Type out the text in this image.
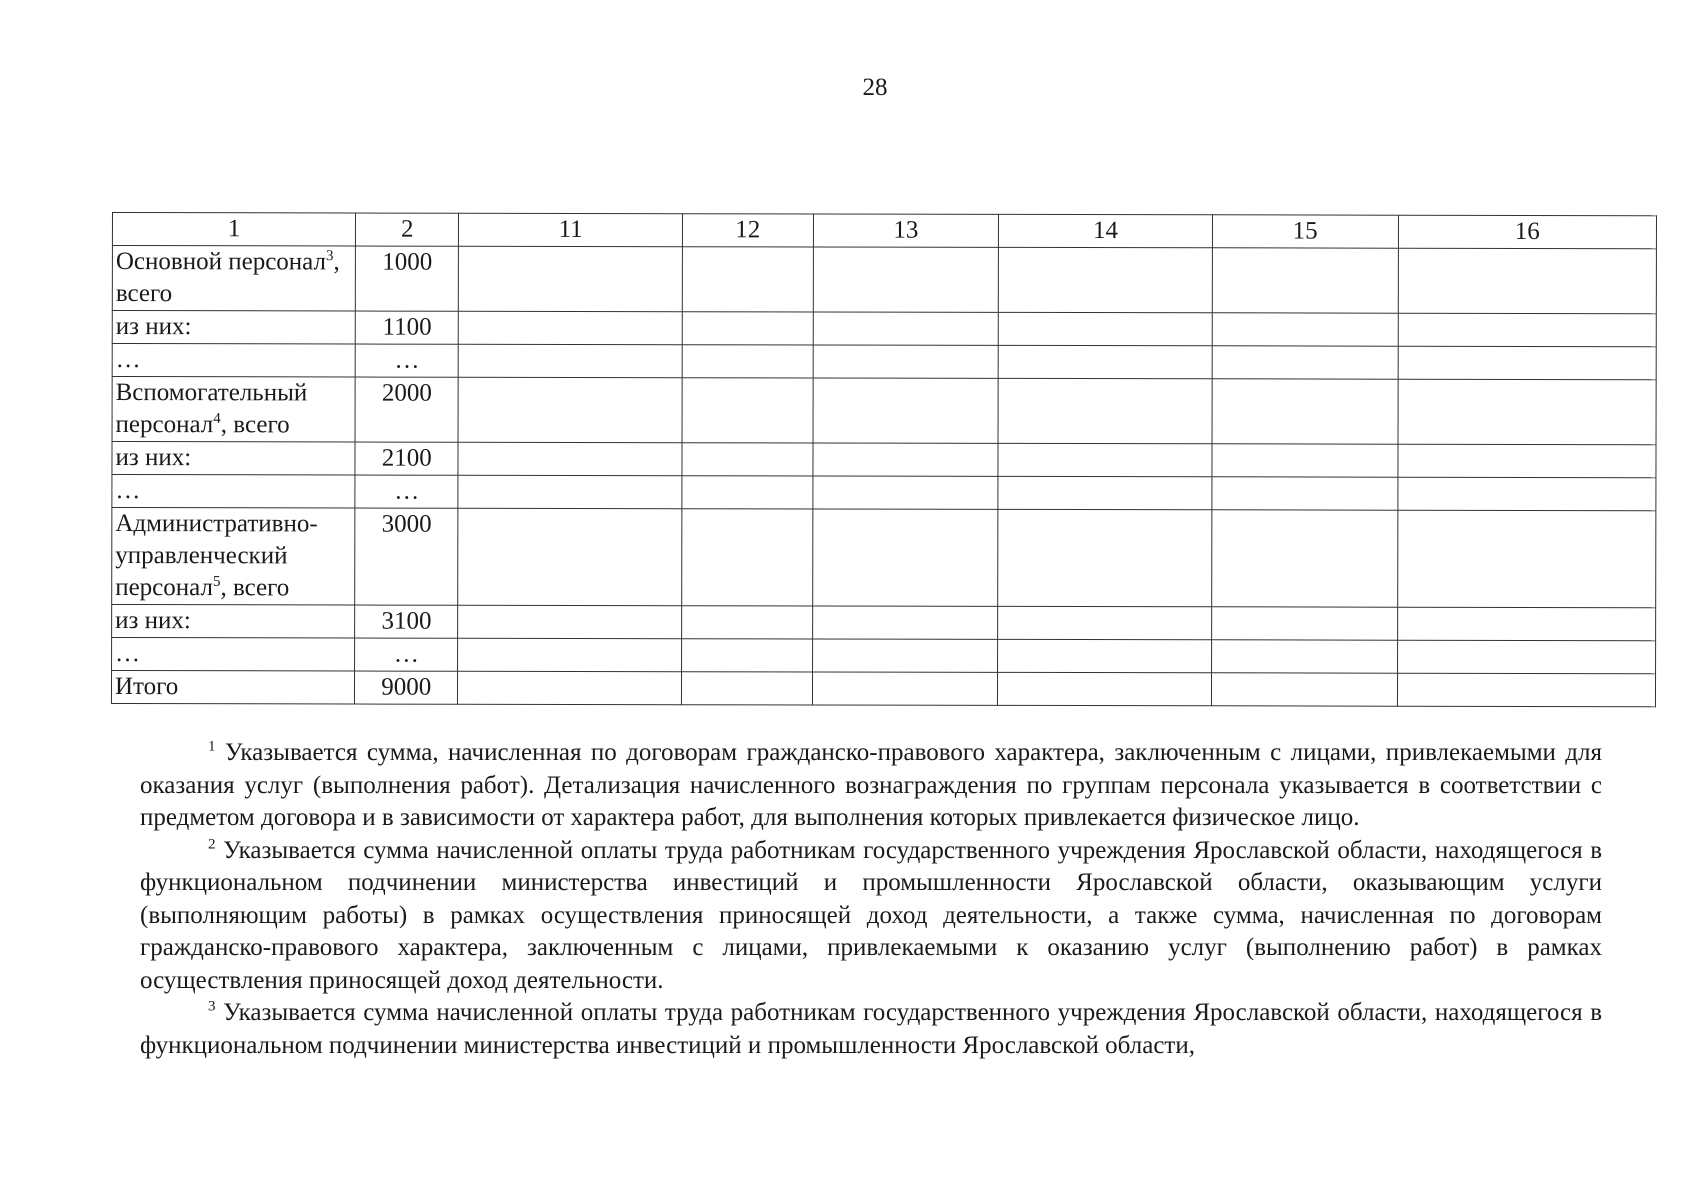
28
1	2	11	12	13	14	15	16
Основной персонал$^3$, всего	1000						
из них:	1100						
…	…						
Вспомогательный персонал$^4$, всего	2000						
из них:	2100						
…	…						
Административно-управленческий персонал$^5$, всего	3000						
из них:	3100						
…	…						
Итого	9000						

$^1$ Указывается сумма, начисленная по договорам гражданско-правового характера, заключенным с лицами, привлекаемыми для оказания услуг (выполнения работ). Детализация начисленного вознаграждения по группам персонала указывается в соответствии с предметом договора и в зависимости от характера работ, для выполнения которых привлекается физическое лицо.

$^2$ Указывается сумма начисленной оплаты труда работникам государственного учреждения Ярославской области, находящегося в функциональном подчинении министерства инвестиций и промышленности Ярославской области, оказывающим услуги (выполняющим работы) в рамках осуществления приносящей доход деятельности, а также сумма, начисленная по договорам гражданско-правового характера, заключенным с лицами, привлекаемыми к оказанию услуг (выполнению работ) в рамках осуществления приносящей доход деятельности.

$^3$ Указывается сумма начисленной оплаты труда работникам государственного учреждения Ярославской области, находящегося в функциональном подчинении министерства инвестиций и промышленности Ярославской области,
